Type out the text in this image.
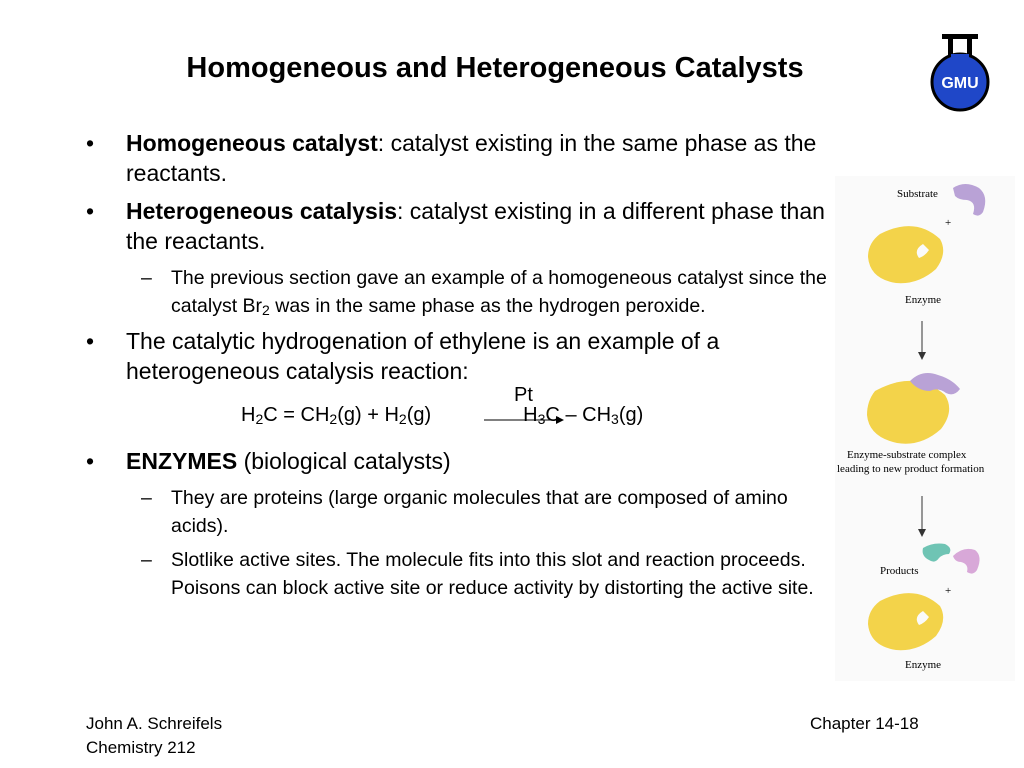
Homogeneous and Heterogeneous Catalysts	GMU
• Homogeneous catalyst: catalyst existing in the same phase as the reactants.
• Heterogeneous catalysis: catalyst existing in a different phase than the reactants.
– The previous section gave an example of a homogeneous catalyst since the catalyst $Br_2$ was in the same phase as the hydrogen peroxide.
• The catalytic hydrogenation of ethylene is an example of a heterogeneous catalysis reaction:
Pt
$H_2C = CH_2(g) + H_2(g)$	$H_3C - CH_3(g)$
• ENZYMES (biological catalysts)
– They are proteins (large organic molecules that are composed of amino acids).
– Slotlike active sites. The molecule fits into this slot and reaction proceeds. Poisons can block active site or reduce activity by distorting the active site.
Substrate
+
Enzyme
Enzyme-substrate complex
leading to new product formation
Products
+
Enzyme
John A. Schreifels
Chemistry 212
Chapter 14-18
